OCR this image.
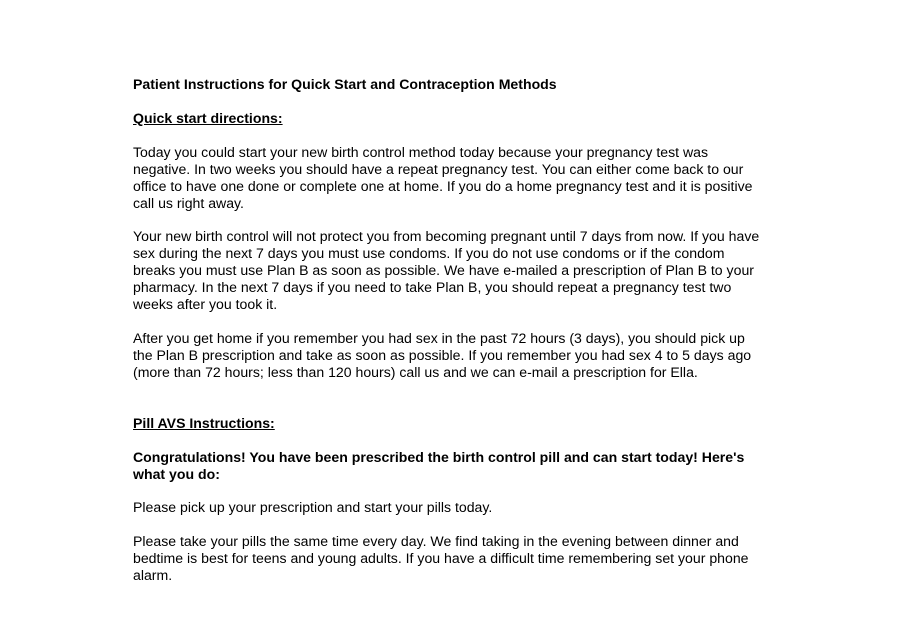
Patient Instructions for Quick Start and Contraception Methods
Quick start directions:
Today you could start your new birth control method today because your pregnancy test was negative. In two weeks you should have a repeat pregnancy test. You can either come back to our office to have one done or complete one at home. If you do a home pregnancy test and it is positive call us right away.
Your new birth control will not protect you from becoming pregnant until 7 days from now. If you have sex during the next 7 days you must use condoms. If you do not use condoms or if the condom breaks you must use Plan B as soon as possible. We have e-mailed a prescription of Plan B to your pharmacy. In the next 7 days if you need to take Plan B, you should repeat a pregnancy test two weeks after you took it.
After you get home if you remember you had sex in the past 72 hours (3 days), you should pick up the Plan B prescription and take as soon as possible. If you remember you had sex 4 to 5 days ago (more than 72 hours; less than 120 hours) call us and we can e-mail a prescription for Ella.
Pill AVS Instructions:
Congratulations! You have been prescribed the birth control pill and can start today! Here's what you do:
Please pick up your prescription and start your pills today.
Please take your pills the same time every day. We find taking in the evening between dinner and bedtime is best for teens and young adults. If you have a difficult time remembering set your phone alarm.
